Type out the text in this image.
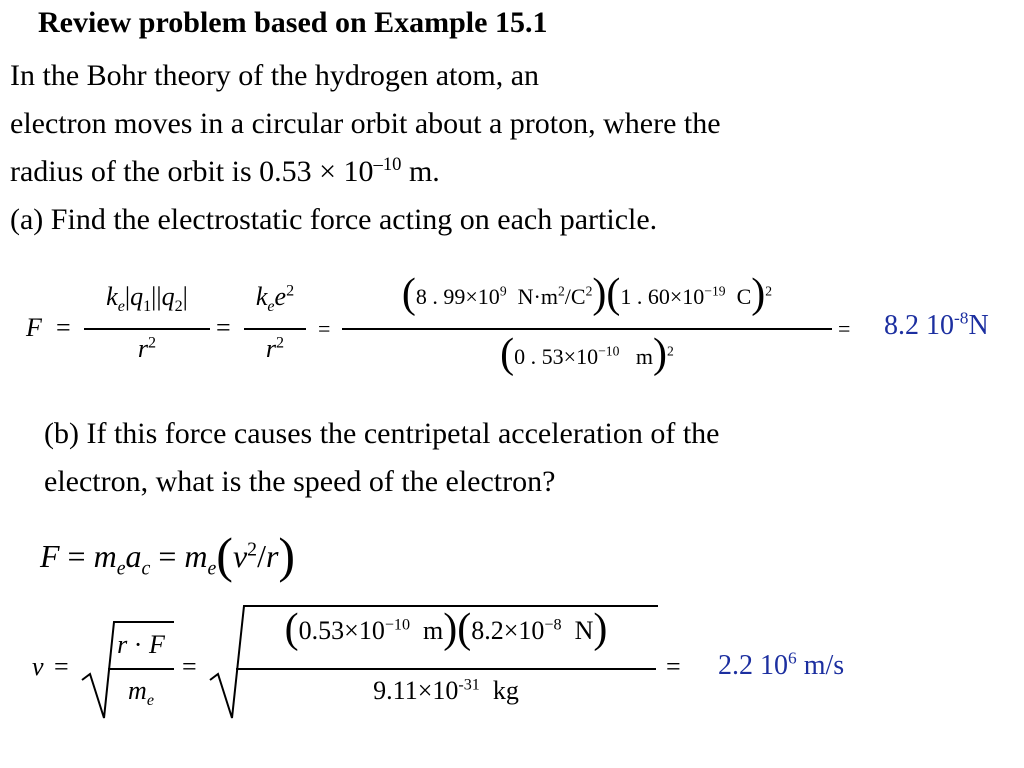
Review problem based on Example 15.1
In the Bohr theory of the hydrogen atom, an
electron moves in a circular orbit about a proton, where the
radius of the orbit is $0.53 \times 10^{-10}$ m.
(a) Find the electrostatic force acting on each particle.
F =
$k_e|q_1||q_2|$
$r^2$
=
$k_ee^2$
$r^2$
=
(8 . $99\times 10^9$  $N\cdot m^2/C^2)(1$ . $60\times 10^{-19}$  C)$^2$
(0 . $53\times 10^{-10}$   m)$^2$
= 8.2 $10^{-8}N$
(b) If this force causes the centripetal acceleration of the
electron, what is the speed of the electron?
$F = m_ea_c = m_e(v^2/r)$
v =
r · F
$m_e$
=
($0.53\times 10^{-10}$  $m)(8.2\times 10^{-8}$  N)
$9.11\times 10^{-31}$  kg
= 2.2 $10^6$ m/s
